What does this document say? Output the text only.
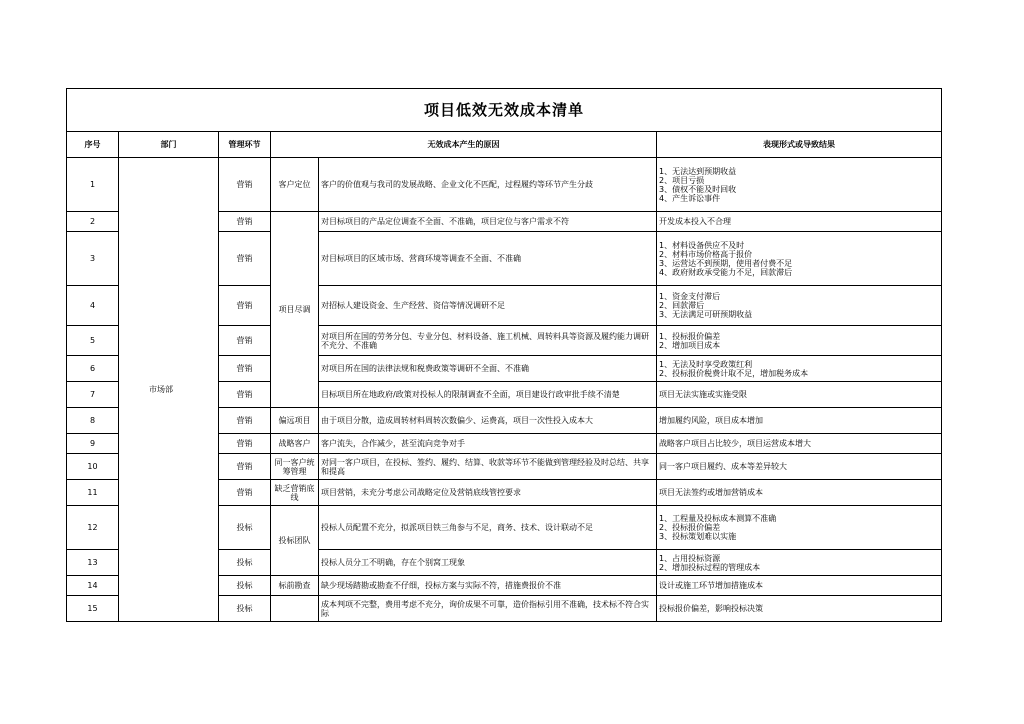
项目低效无效成本清单					
序号	部门	管理环节	无效成本产生的原因		表现形式或导致结果
1	市场部	营销	客户定位	客户的价值观与我司的发展战略、企业文化不匹配，过程履约等环节产生分歧	1、无法达到预期收益
2、项目亏损
3、债权不能及时回收
4、产生诉讼事件

2		营销	项目尽调	对目标项目的产品定位调查不全面、不准确，项目定位与客户需求不符	开发成本投入不合理

3		营销		对目标项目的区域市场、营商环境等调查不全面、不准确	1、材料设备供应不及时
2、材料市场价格高于报价
3、运营达不到预期，使用者付费不足
4、政府财政承受能力不足，回款滞后

4		营销		对招标人建设资金、生产经营、资信等情况调研不足	1、资金支付滞后
2、回款滞后
3、无法满足可研预期收益

5		营销		对项目所在国的劳务分包、专业分包、材料设备、施工机械、周转料具等资源及履约能力调研不充分、不准确	1、投标报价偏差
2、增加项目成本

6		营销		对项目所在国的法律法规和税费政策等调研不全面、不准确	1、无法及时享受政策红利
2、投标报价税费计取不足，增加税务成本

7		营销		目标项目所在地政府/政策对投标人的限制调查不全面，项目建设行政审批手续不清楚	项目无法实施或实施受限

8		营销	偏远项目	由于项目分散，造成周转材料周转次数偏少、运费高，项目一次性投入成本大	增加履约风险，项目成本增加

9		营销	战略客户	客户流失，合作减少，甚至流向竞争对手	战略客户项目占比较少，项目运营成本增大

10		营销	同一客户统筹管理	对同一客户项目，在投标、签约、履约、结算、收款等环节不能做到管理经验及时总结、共享和提高	同一客户项目履约、成本等差异较大

11		营销	缺乏营销底线	项目营销，未充分考虑公司战略定位及营销底线管控要求	项目无法签约或增加营销成本

12		投标	投标团队	投标人员配置不充分，拟派项目铁三角参与不足，商务、技术、设计联动不足	1、工程量及投标成本测算不准确
2、投标报价偏差
3、投标策划难以实施

13		投标		投标人员分工不明确，存在个别窝工现象	1、占用投标资源
2、增加投标过程的管理成本

14		投标	标前勘查	缺少现场踏勘或勘查不仔细，投标方案与实际不符，措施费报价不准	设计或施工环节增加措施成本

15		投标		成本判项不完整，费用考虑不充分，询价成果不可靠，造价指标引用不准确，技术标不符合实际	投标报价偏差，影响投标决策
